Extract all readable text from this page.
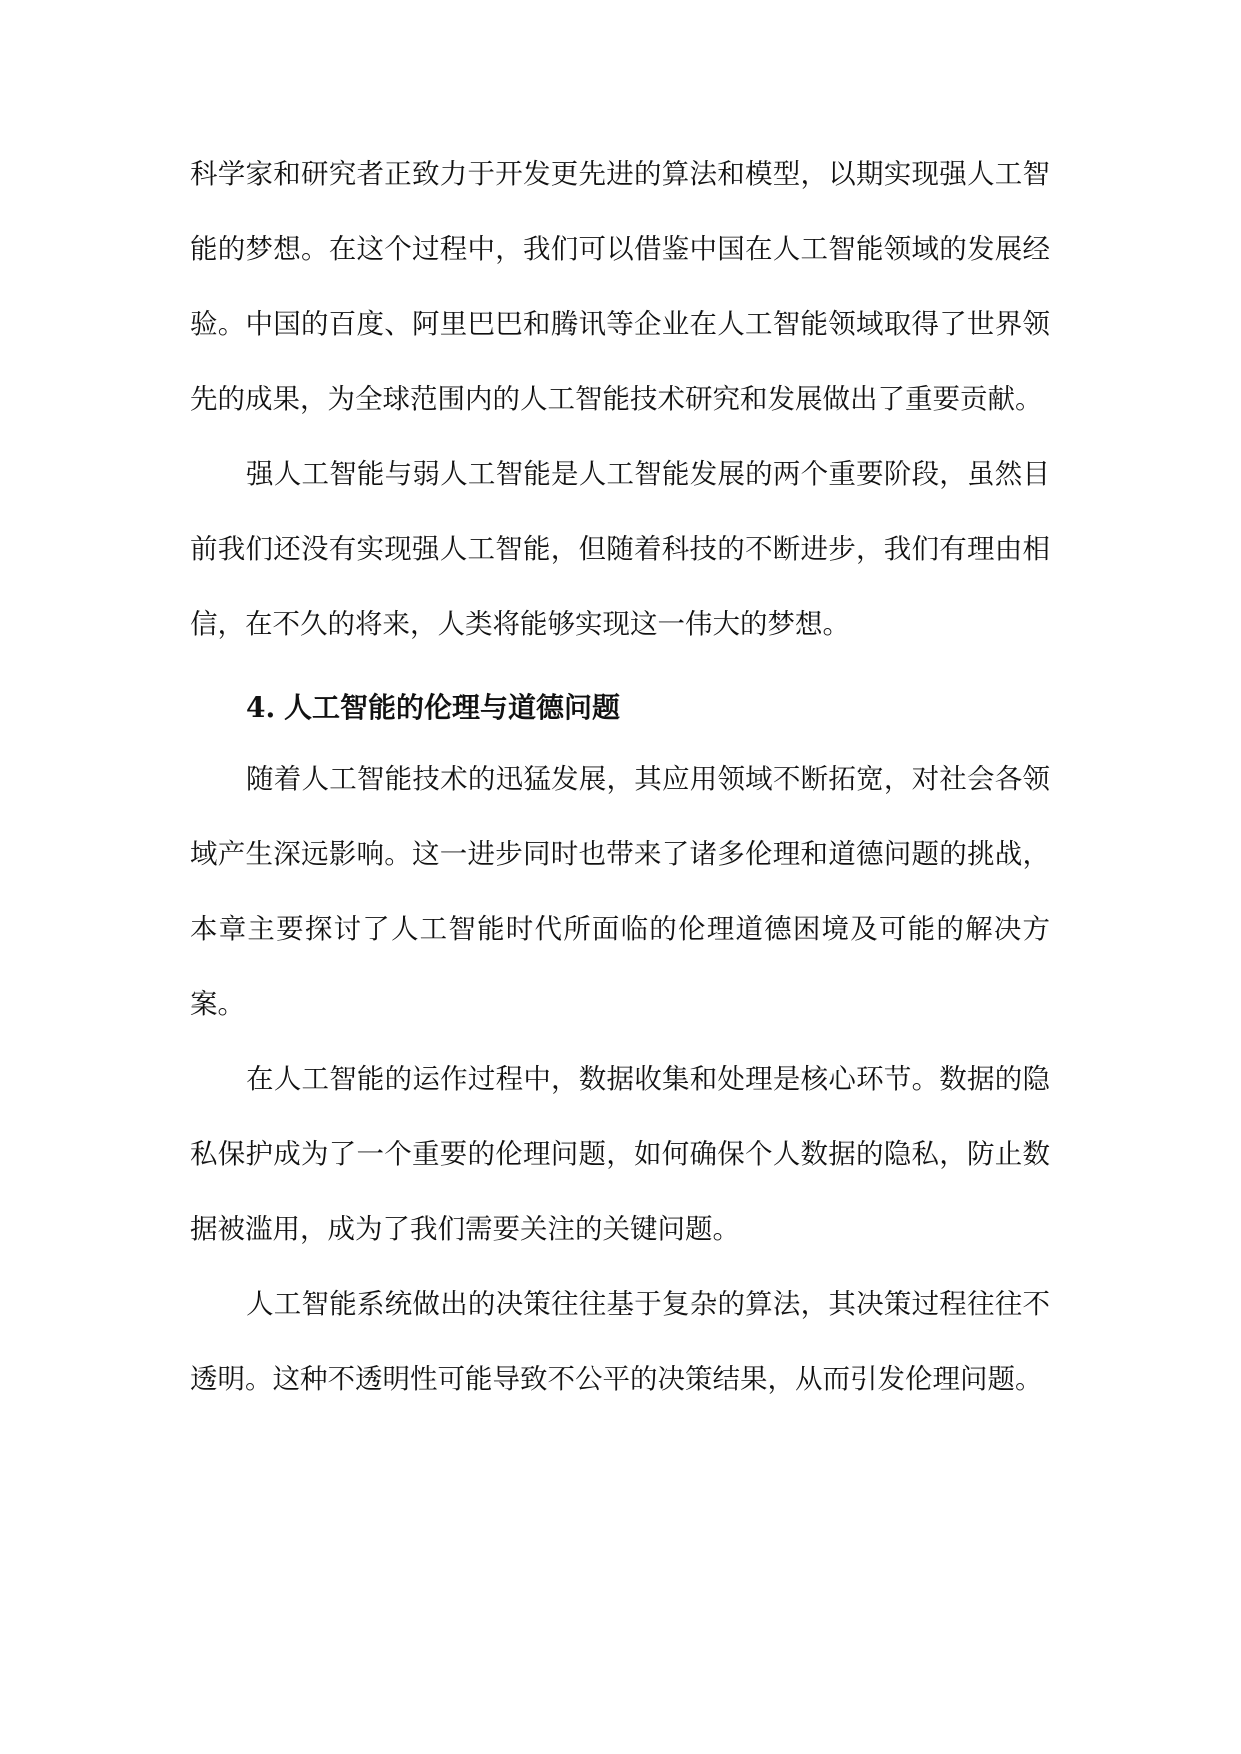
科学家和研究者正致力于开发更先进的算法和模型，以期实现强人工智能的梦想。在这个过程中，我们可以借鉴中国在人工智能领域的发展经验。中国的百度、阿里巴巴和腾讯等企业在人工智能领域取得了世界领先的成果，为全球范围内的人工智能技术研究和发展做出了重要贡献。

强人工智能与弱人工智能是人工智能发展的两个重要阶段，虽然目前我们还没有实现强人工智能，但随着科技的不断进步，我们有理由相信，在不久的将来，人类将能够实现这一伟大的梦想。

4. 人工智能的伦理与道德问题

随着人工智能技术的迅猛发展，其应用领域不断拓宽，对社会各领域产生深远影响。这一进步同时也带来了诸多伦理和道德问题的挑战，本章主要探讨了人工智能时代所面临的伦理道德困境及可能的解决方案。

在人工智能的运作过程中，数据收集和处理是核心环节。数据的隐私保护成为了一个重要的伦理问题，如何确保个人数据的隐私，防止数据被滥用，成为了我们需要关注的关键问题。

人工智能系统做出的决策往往基于复杂的算法，其决策过程往往不透明。这种不透明性可能导致不公平的决策结果，从而引发伦理问题。
